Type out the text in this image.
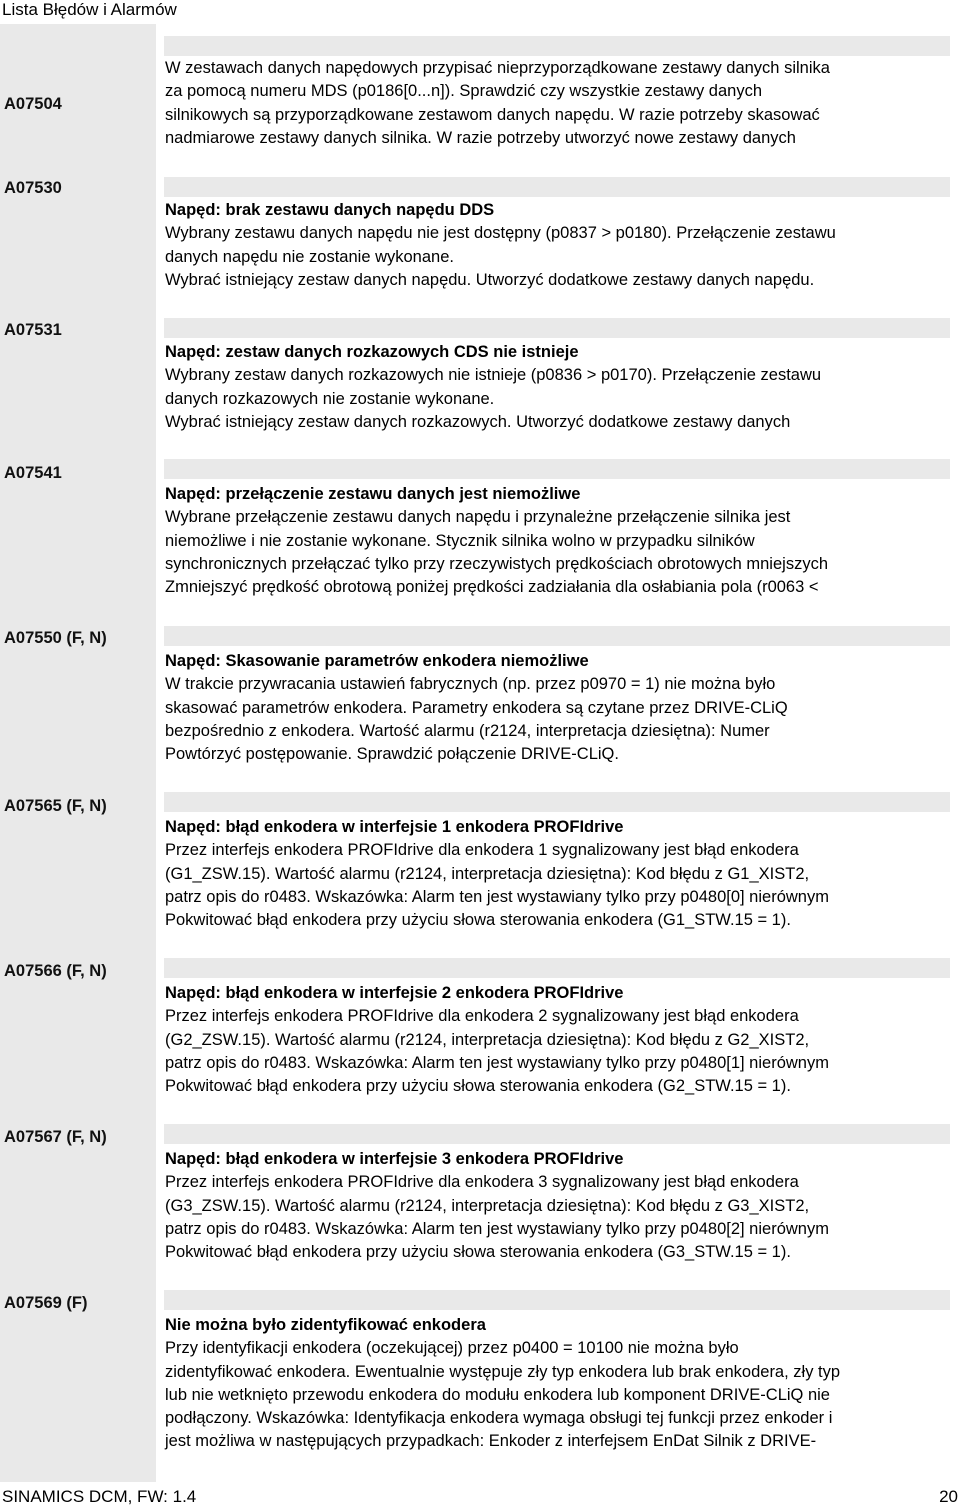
Lista Błędów i Alarmów
A07504
W zestawach danych napędowych przypisać nieprzyporządkowane zestawy danych silnika
za pomocą numeru MDS (p0186[0...n]). Sprawdzić czy wszystkie zestawy danych
silnikowych są przyporządkowane zestawom danych napędu. W razie potrzeby skasować
nadmiarowe zestawy danych silnika. W razie potrzeby utworzyć nowe zestawy danych
A07530
Napęd: brak zestawu danych napędu DDS
Wybrany zestawu danych napędu nie jest dostępny (p0837 > p0180). Przełączenie zestawu
danych napędu nie zostanie wykonane.
Wybrać istniejący zestaw danych napędu. Utworzyć dodatkowe zestawy danych napędu.
A07531
Napęd: zestaw danych rozkazowych CDS nie istnieje
Wybrany zestaw danych rozkazowych nie istnieje (p0836 > p0170). Przełączenie zestawu
danych rozkazowych nie zostanie wykonane.
Wybrać istniejący zestaw danych rozkazowych. Utworzyć dodatkowe zestawy danych
A07541
Napęd: przełączenie zestawu danych jest niemożliwe
Wybrane przełączenie zestawu danych napędu i przynależne przełączenie silnika jest
niemożliwe i nie zostanie wykonane. Stycznik silnika wolno w przypadku silników
synchronicznych przełączać tylko przy rzeczywistych prędkościach obrotowych mniejszych
Zmniejszyć prędkość obrotową poniżej prędkości zadziałania dla osłabiania pola (r0063 <
A07550 (F, N)
Napęd: Skasowanie parametrów enkodera niemożliwe
W trakcie przywracania ustawień fabrycznych (np. przez p0970 = 1) nie można było
skasować parametrów enkodera. Parametry enkodera są czytane przez DRIVE-CLiQ
bezpośrednio z enkodera. Wartość alarmu (r2124, interpretacja dziesiętna): Numer
Powtórzyć postępowanie. Sprawdzić połączenie DRIVE-CLiQ.
A07565 (F, N)
Napęd: błąd enkodera w interfejsie 1 enkodera PROFIdrive
Przez interfejs enkodera PROFIdrive dla enkodera 1 sygnalizowany jest błąd enkodera
(G1_ZSW.15). Wartość alarmu (r2124, interpretacja dziesiętna): Kod błędu z G1_XIST2,
patrz opis do r0483. Wskazówka: Alarm ten jest wystawiany tylko przy p0480[0] nierównym
Pokwitować błąd enkodera przy użyciu słowa sterowania enkodera (G1_STW.15 = 1).
A07566 (F, N)
Napęd: błąd enkodera w interfejsie 2 enkodera PROFIdrive
Przez interfejs enkodera PROFIdrive dla enkodera 2 sygnalizowany jest błąd enkodera
(G2_ZSW.15). Wartość alarmu (r2124, interpretacja dziesiętna): Kod błędu z G2_XIST2,
patrz opis do r0483. Wskazówka: Alarm ten jest wystawiany tylko przy p0480[1] nierównym
Pokwitować błąd enkodera przy użyciu słowa sterowania enkodera (G2_STW.15 = 1).
A07567 (F, N)
Napęd: błąd enkodera w interfejsie 3 enkodera PROFIdrive
Przez interfejs enkodera PROFIdrive dla enkodera 3 sygnalizowany jest błąd enkodera
(G3_ZSW.15). Wartość alarmu (r2124, interpretacja dziesiętna): Kod błędu z G3_XIST2,
patrz opis do r0483. Wskazówka: Alarm ten jest wystawiany tylko przy p0480[2] nierównym
Pokwitować błąd enkodera przy użyciu słowa sterowania enkodera (G3_STW.15 = 1).
A07569 (F)
Nie można było zidentyfikować enkodera
Przy identyfikacji enkodera (oczekującej) przez p0400 = 10100 nie można było
zidentyfikować enkodera. Ewentualnie występuje zły typ enkodera lub brak enkodera, zły typ
lub nie wetknięto przewodu enkodera do modułu enkodera lub komponent DRIVE-CLiQ nie
podłączony. Wskazówka: Identyfikacja enkodera wymaga obsługi tej funkcji przez enkoder i
jest możliwa w następujących przypadkach: Enkoder z interfejsem EnDat Silnik z DRIVE-
SINAMICS DCM, FW: 1.4	20
